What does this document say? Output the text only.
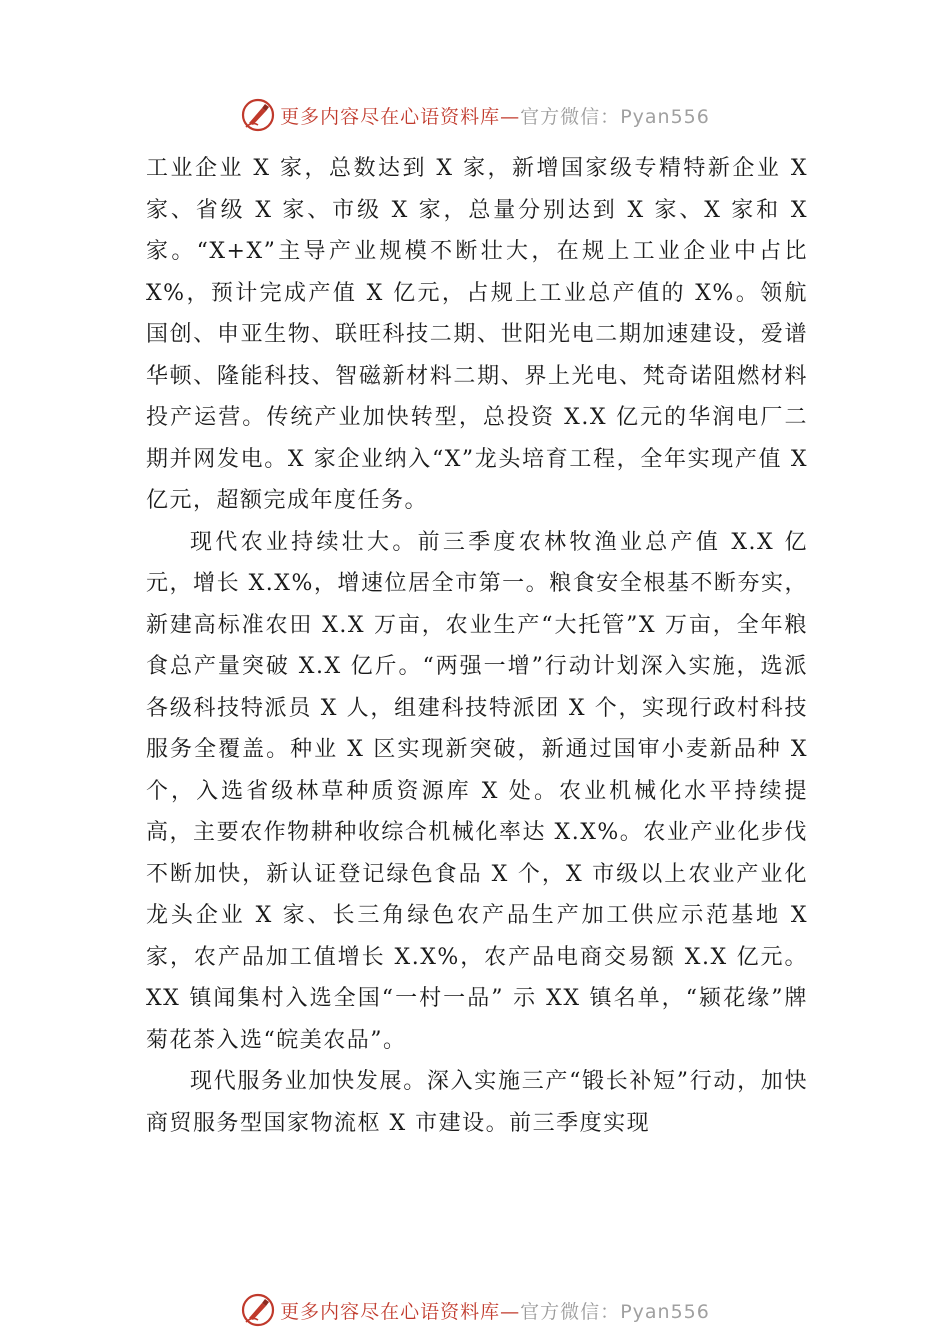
更多内容尽在心语资料库—官方微信：Pyan556

工业企业 X 家，总数达到 X 家，新增国家级专精特新企业 X 家、省级 X 家、市级 X 家，总量分别达到 X 家、X 家和 X 家。“X+X”主导产业规模不断壮大，在规上工业企业中占比 X%，预计完成产值 X 亿元，占规上工业总产值的 X%。领航国创、申亚生物、联旺科技二期、世阳光电二期加速建设，爱谱华顿、隆能科技、智磁新材料二期、界上光电、梵奇诺阻燃材料投产运营。传统产业加快转型，总投资 X.X 亿元的华润电厂二期并网发电。X 家企业纳入“X”龙头培育工程，全年实现产值 X 亿元，超额完成年度任务。

现代农业持续壮大。前三季度农林牧渔业总产值 X.X 亿元，增长 X.X%，增速位居全市第一。粮食安全根基不断夯实，新建高标准农田 X.X 万亩，农业生产“大托管”X 万亩，全年粮食总产量突破 X.X 亿斤。“两强一增”行动计划深入实施，选派各级科技特派员 X 人，组建科技特派团 X 个，实现行政村科技服务全覆盖。种业 X 区实现新突破，新通过国审小麦新品种 X 个，入选省级林草种质资源库 X 处。农业机械化水平持续提高，主要农作物耕种收综合机械化率达 X.X%。农业产业化步伐不断加快，新认证登记绿色食品 X 个，X 市级以上农业产业化龙头企业 X 家、长三角绿色农产品生产加工供应示范基地 X 家，农产品加工值增长 X.X%，农产品电商交易额 X.X 亿元。XX 镇闻集村入选全国“一村一品” 示 XX 镇名单，“颍花缘”牌菊花茶入选“皖美农品”。

现代服务业加快发展。深入实施三产“锻长补短”行动，加快商贸服务型国家物流枢 X 市建设。前三季度实现

更多内容尽在心语资料库—官方微信：Pyan556
